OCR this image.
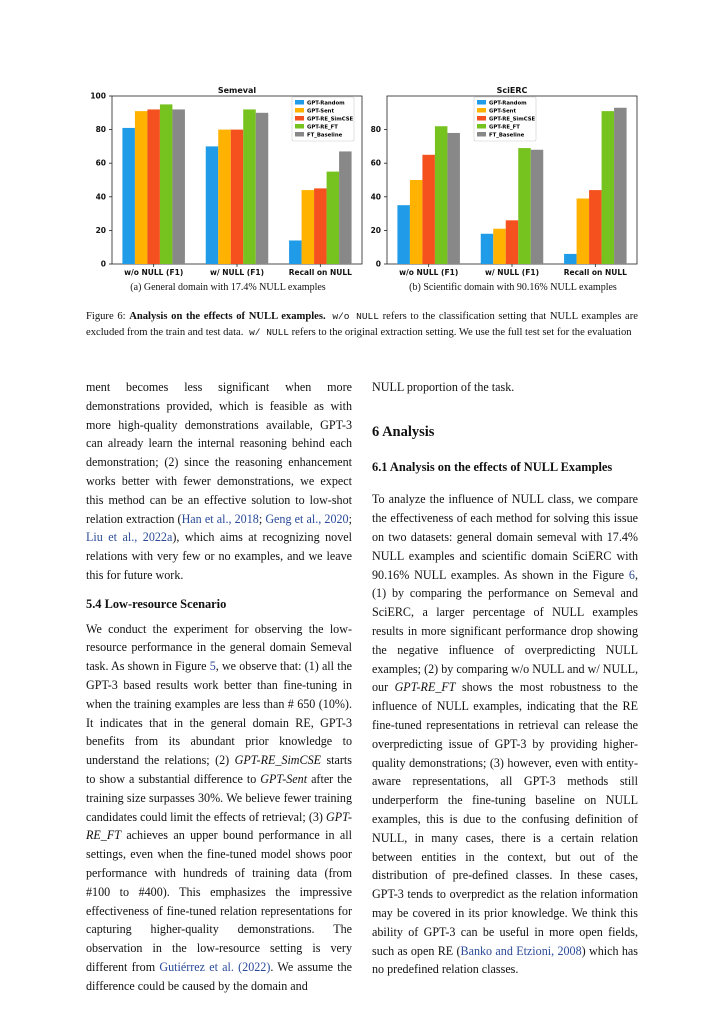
Semeval
0
20
40
60
80
100
w/o NULL (F1)	w/ NULL (F1)	Recall on NULL
GPT-Random
GPT-Sent
GPT-RE_SimCSE
GPT-RE_FT
FT_Baseline
(a) General domain with 17.4% NULL examples
SciERC
0
20
40
60
80
w/o NULL (F1)	w/ NULL (F1)	Recall on NULL
GPT-Random
GPT-Sent
GPT-RE_SimCSE
GPT-RE_FT
FT_Baseline
(b) Scientific domain with 90.16% NULL examples
Figure 6: Analysis on the effects of NULL examples. w/o NULL refers to the classification setting that NULL examples are excluded from the train and test data. w/ NULL refers to the original extraction setting. We use the full test set for the evaluation

ment becomes less significant when more demonstrations provided, which is feasible as with more high-quality demonstrations available, GPT-3 can already learn the internal reasoning behind each demonstration; (2) since the reasoning enhancement works better with fewer demonstrations, we expect this method can be an effective solution to low-shot relation extraction (Han et al., 2018; Geng et al., 2020; Liu et al., 2022a), which aims at recognizing novel relations with very few or no examples, and we leave this for future work.

5.4 Low-resource Scenario

We conduct the experiment for observing the low-resource performance in the general domain Semeval task. As shown in Figure 5, we observe that: (1) all the GPT-3 based results work better than fine-tuning in when the training examples are less than # 650 (10%). It indicates that in the general domain RE, GPT-3 benefits from its abundant prior knowledge to understand the relations; (2) GPT-RE_SimCSE starts to show a substantial difference to GPT-Sent after the training size surpasses 30%. We believe fewer training candidates could limit the effects of retrieval; (3) GPT-RE_FT achieves an upper bound performance in all settings, even when the fine-tuned model shows poor performance with hundreds of training data (from #100 to #400). This emphasizes the impressive effectiveness of fine-tuned relation representations for capturing higher-quality demonstrations. The observation in the low-resource setting is very different from Gutiérrez et al. (2022). We assume the difference could be caused by the domain and

NULL proportion of the task.

6 Analysis

6.1 Analysis on the effects of NULL Examples

To analyze the influence of NULL class, we compare the effectiveness of each method for solving this issue on two datasets: general domain semeval with 17.4% NULL examples and scientific domain SciERC with 90.16% NULL examples. As shown in the Figure 6, (1) by comparing the performance on Semeval and SciERC, a larger percentage of NULL examples results in more significant performance drop showing the negative influence of overpredicting NULL examples; (2) by comparing w/o NULL and w/ NULL, our GPT-RE_FT shows the most robustness to the influence of NULL examples, indicating that the RE fine-tuned representations in retrieval can release the overpredicting issue of GPT-3 by providing higher-quality demonstrations; (3) however, even with entity-aware representations, all GPT-3 methods still underperform the fine-tuning baseline on NULL examples, this is due to the confusing definition of NULL, in many cases, there is a certain relation between entities in the context, but out of the distribution of pre-defined classes. In these cases, GPT-3 tends to overpredict as the relation information may be covered in its prior knowledge. We think this ability of GPT-3 can be useful in more open fields, such as open RE (Banko and Etzioni, 2008) which has no predefined relation classes.
